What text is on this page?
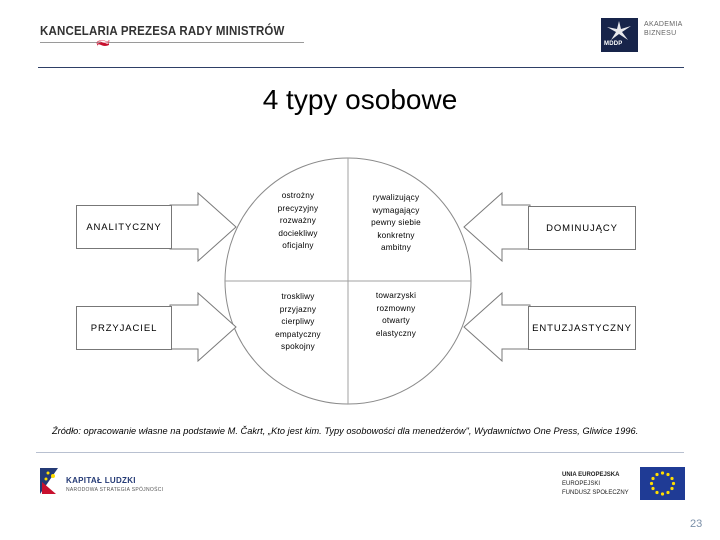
KANCELARIA PREZESA RADY MINISTRÓW
MDDP
AKADEMIA
BIZNESU
4 typy osobowe
ANALITYCZNY
PRZYJACIEL
DOMINUJĄCY
ENTUZJASTYCZNY
ostrożny
precyzyjny
rozważny
dociekliwy
oficjalny
rywalizujący
wymagający
pewny siebie
konkretny
ambitny
troskliwy
przyjazny
cierpliwy
empatyczny
spokojny
towarzyski
rozmowny
otwarty
elastyczny
Źródło: opracowanie własne na podstawie M. Čakrt, „Kto jest kim. Typy osobowości dla menedżerów", Wydawnictwo One Press, Gliwice 1996.
KAPITAŁ LUDZKI
NARODOWA STRATEGIA SPÓJNOŚCI
UNIA EUROPEJSKA
EUROPEJSKI
FUNDUSZ SPOŁECZNY
23
